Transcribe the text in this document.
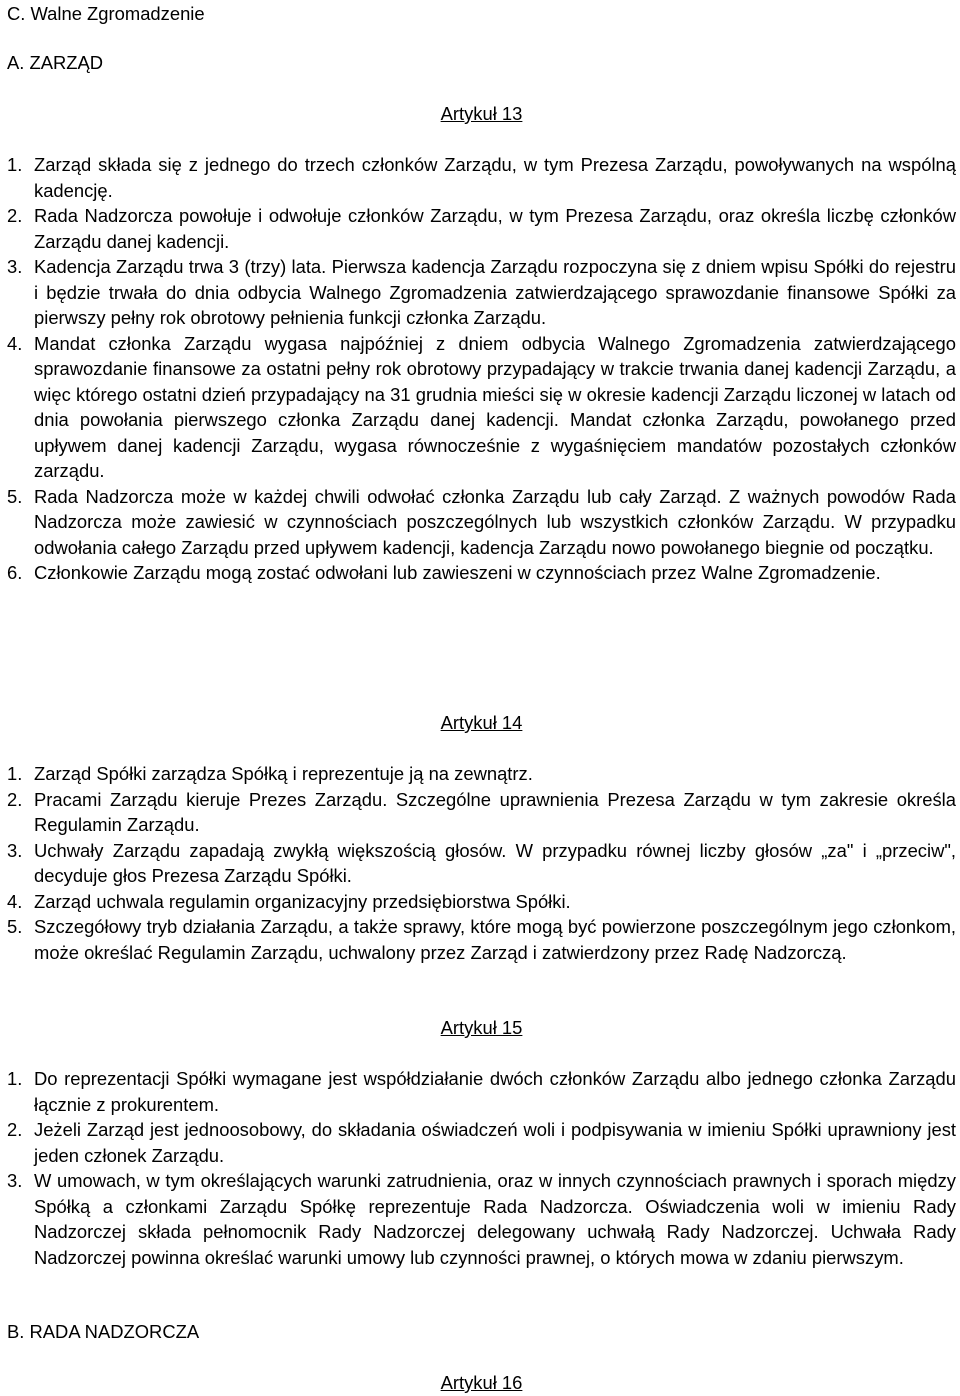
C. Walne Zgromadzenie
A. ZARZĄD
Artykuł 13
1. Zarząd składa się z jednego do trzech członków Zarządu, w tym Prezesa Zarządu, powoływanych na wspólną kadencję.
2. Rada Nadzorcza powołuje i odwołuje członków Zarządu, w tym Prezesa Zarządu, oraz określa liczbę członków Zarządu danej kadencji.
3. Kadencja Zarządu trwa 3 (trzy) lata. Pierwsza kadencja Zarządu rozpoczyna się z dniem wpisu Spółki do rejestru i będzie trwała do dnia odbycia Walnego Zgromadzenia zatwierdzającego sprawozdanie finansowe Spółki za pierwszy pełny rok obrotowy pełnienia funkcji członka Zarządu.
4. Mandat członka Zarządu wygasa najpóźniej z dniem odbycia Walnego Zgromadzenia zatwierdzającego sprawozdanie finansowe za ostatni pełny rok obrotowy przypadający w trakcie trwania danej kadencji Zarządu, a więc którego ostatni dzień przypadający na 31 grudnia mieści się w okresie kadencji Zarządu liczonej w latach od dnia powołania pierwszego członka Zarządu danej kadencji. Mandat członka Zarządu, powołanego przed upływem danej kadencji Zarządu, wygasa równocześnie z wygaśnięciem mandatów pozostałych członków zarządu.
5. Rada Nadzorcza może w każdej chwili odwołać członka Zarządu lub cały Zarząd. Z ważnych powodów Rada Nadzorcza może zawiesić w czynnościach poszczególnych lub wszystkich członków Zarządu. W przypadku odwołania całego Zarządu przed upływem kadencji, kadencja Zarządu nowo powołanego biegnie od początku.
6. Członkowie Zarządu mogą zostać odwołani lub zawieszeni w czynnościach przez Walne Zgromadzenie.
Artykuł 14
1. Zarząd Spółki zarządza Spółką i reprezentuje ją na zewnątrz.
2. Pracami Zarządu kieruje Prezes Zarządu. Szczególne uprawnienia Prezesa Zarządu w tym zakresie określa Regulamin Zarządu.
3. Uchwały Zarządu zapadają zwykłą większością głosów. W przypadku równej liczby głosów „za" i „przeciw", decyduje głos Prezesa Zarządu Spółki.
4. Zarząd uchwala regulamin organizacyjny przedsiębiorstwa Spółki.
5. Szczegółowy tryb działania Zarządu, a także sprawy, które mogą być powierzone poszczególnym jego członkom, może określać Regulamin Zarządu, uchwalony przez Zarząd i zatwierdzony przez Radę Nadzorczą.
Artykuł 15
1. Do reprezentacji Spółki wymagane jest współdziałanie dwóch członków Zarządu albo jednego członka Zarządu łącznie z prokurentem.
2. Jeżeli Zarząd jest jednoosobowy, do składania oświadczeń woli i podpisywania w imieniu Spółki uprawniony jest jeden członek Zarządu.
3. W umowach, w tym określających warunki zatrudnienia, oraz w innych czynnościach prawnych i sporach między Spółką a członkami Zarządu Spółkę reprezentuje Rada Nadzorcza. Oświadczenia woli w imieniu Rady Nadzorczej składa pełnomocnik Rady Nadzorczej delegowany uchwałą Rady Nadzorczej. Uchwała Rady Nadzorczej powinna określać warunki umowy lub czynności prawnej, o których mowa w zdaniu pierwszym.
B. RADA NADZORCZA
Artykuł 16
